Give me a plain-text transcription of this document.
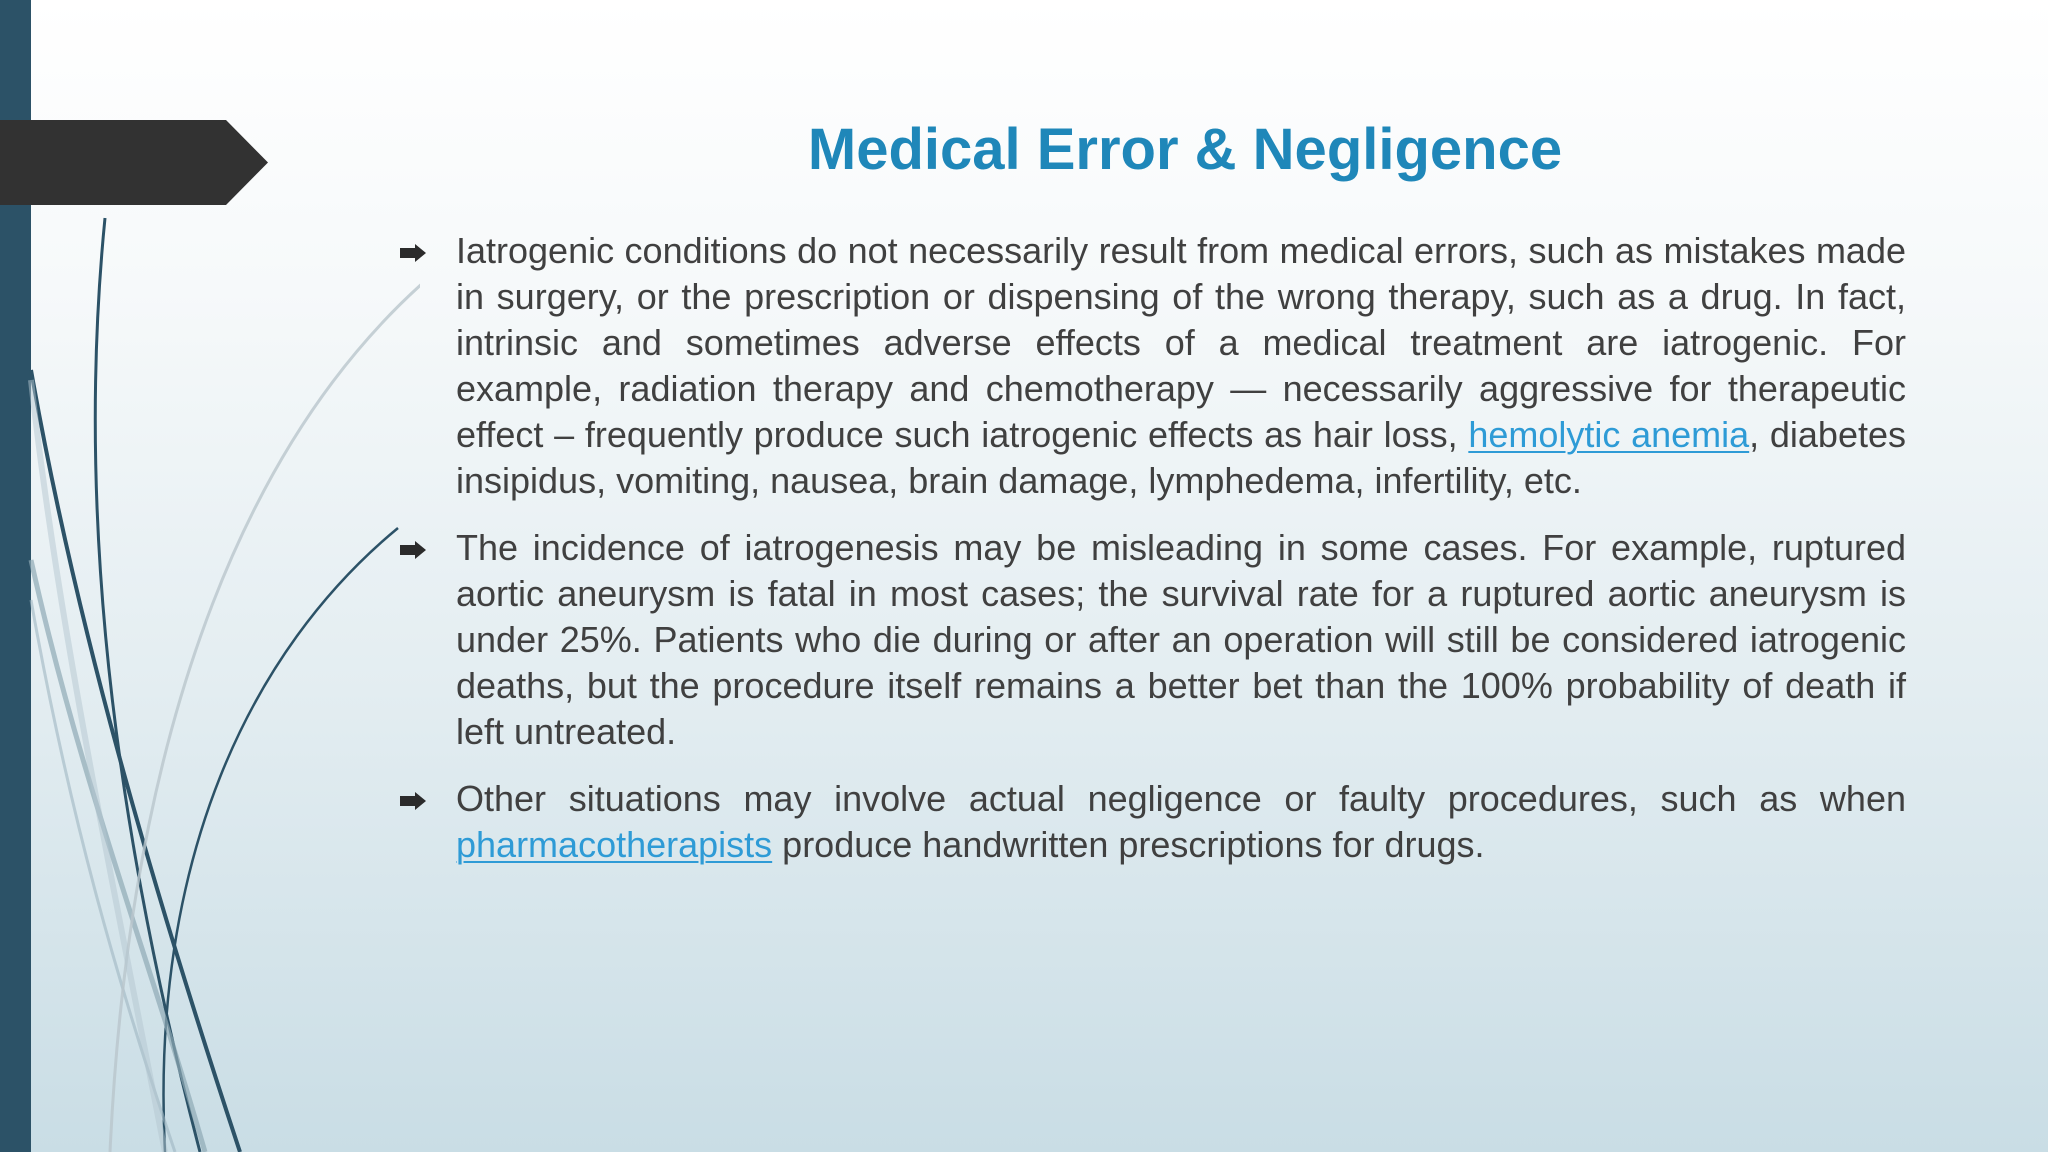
Medical Error & Negligence
Iatrogenic conditions do not necessarily result from medical errors, such as mistakes made in surgery, or the prescription or dispensing of the wrong therapy, such as a drug. In fact, intrinsic and sometimes adverse effects of a medical treatment are iatrogenic. For example, radiation therapy and chemotherapy — necessarily aggressive for therapeutic effect – frequently produce such iatrogenic effects as hair loss, hemolytic anemia, diabetes insipidus, vomiting, nausea, brain damage, lymphedema, infertility, etc.
The incidence of iatrogenesis may be misleading in some cases. For example, ruptured aortic aneurysm is fatal in most cases; the survival rate for a ruptured aortic aneurysm is under 25%. Patients who die during or after an operation will still be considered iatrogenic deaths, but the procedure itself remains a better bet than the 100% probability of death if left untreated.
Other situations may involve actual negligence or faulty procedures, such as when pharmacotherapists produce handwritten prescriptions for drugs.
